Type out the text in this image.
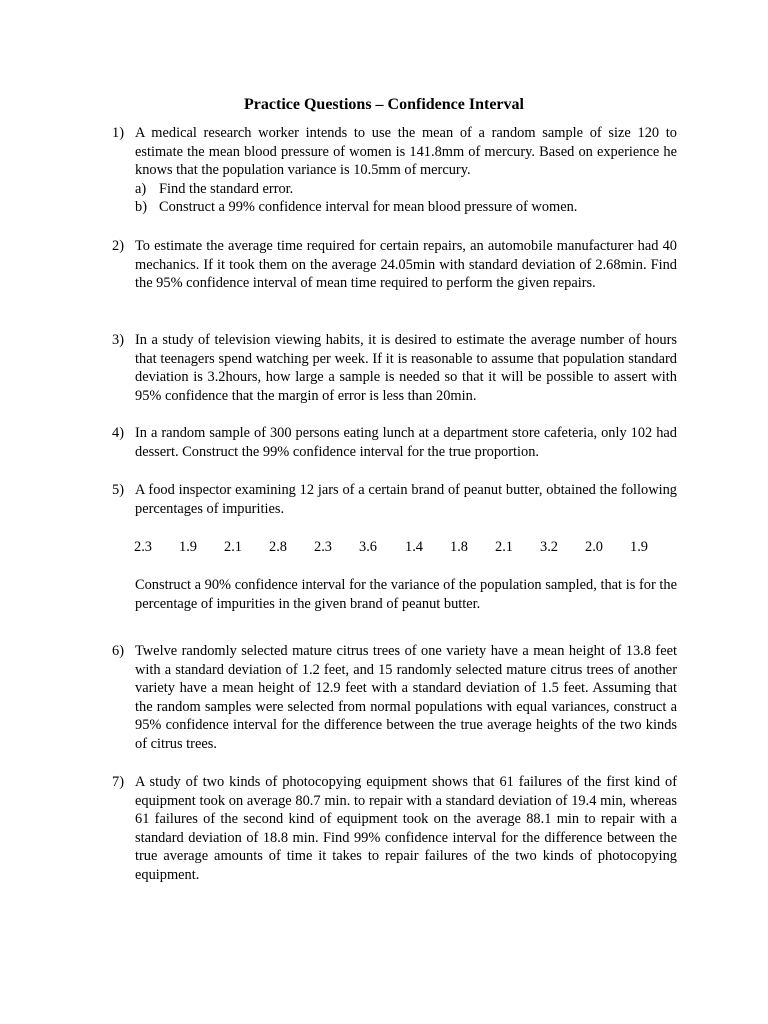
Practice Questions – Confidence Interval
1) A medical research worker intends to use the mean of a random sample of size 120 to estimate the mean blood pressure of women is 141.8mm of mercury. Based on experience he knows that the population variance is 10.5mm of mercury.
a) Find the standard error.
b) Construct a 99% confidence interval for mean blood pressure of women.
2) To estimate the average time required for certain repairs, an automobile manufacturer had 40 mechanics. If it took them on the average 24.05min with standard deviation of 2.68min. Find the 95% confidence interval of mean time required to perform the given repairs.
3) In a study of television viewing habits, it is desired to estimate the average number of hours that teenagers spend watching per week. If it is reasonable to assume that population standard deviation is 3.2hours, how large a sample is needed so that it will be possible to assert with 95% confidence that the margin of error is less than 20min.
4) In a random sample of 300 persons eating lunch at a department store cafeteria, only 102 had dessert. Construct the 99% confidence interval for the true proportion.
5) A food inspector examining 12 jars of a certain brand of peanut butter, obtained the following percentages of impurities.
2.3 1.9 2.1 2.8 2.3 3.6 1.4 1.8 2.1 3.2 2.0 1.9
Construct a 90% confidence interval for the variance of the population sampled, that is for the percentage of impurities in the given brand of peanut butter.
6) Twelve randomly selected mature citrus trees of one variety have a mean height of 13.8 feet with a standard deviation of 1.2 feet, and 15 randomly selected mature citrus trees of another variety have a mean height of 12.9 feet with a standard deviation of 1.5 feet. Assuming that the random samples were selected from normal populations with equal variances, construct a 95% confidence interval for the difference between the true average heights of the two kinds of citrus trees.
7) A study of two kinds of photocopying equipment shows that 61 failures of the first kind of equipment took on average 80.7 min. to repair with a standard deviation of 19.4 min, whereas 61 failures of the second kind of equipment took on the average 88.1 min to repair with a standard deviation of 18.8 min. Find 99% confidence interval for the difference between the true average amounts of time it takes to repair failures of the two kinds of photocopying equipment.
